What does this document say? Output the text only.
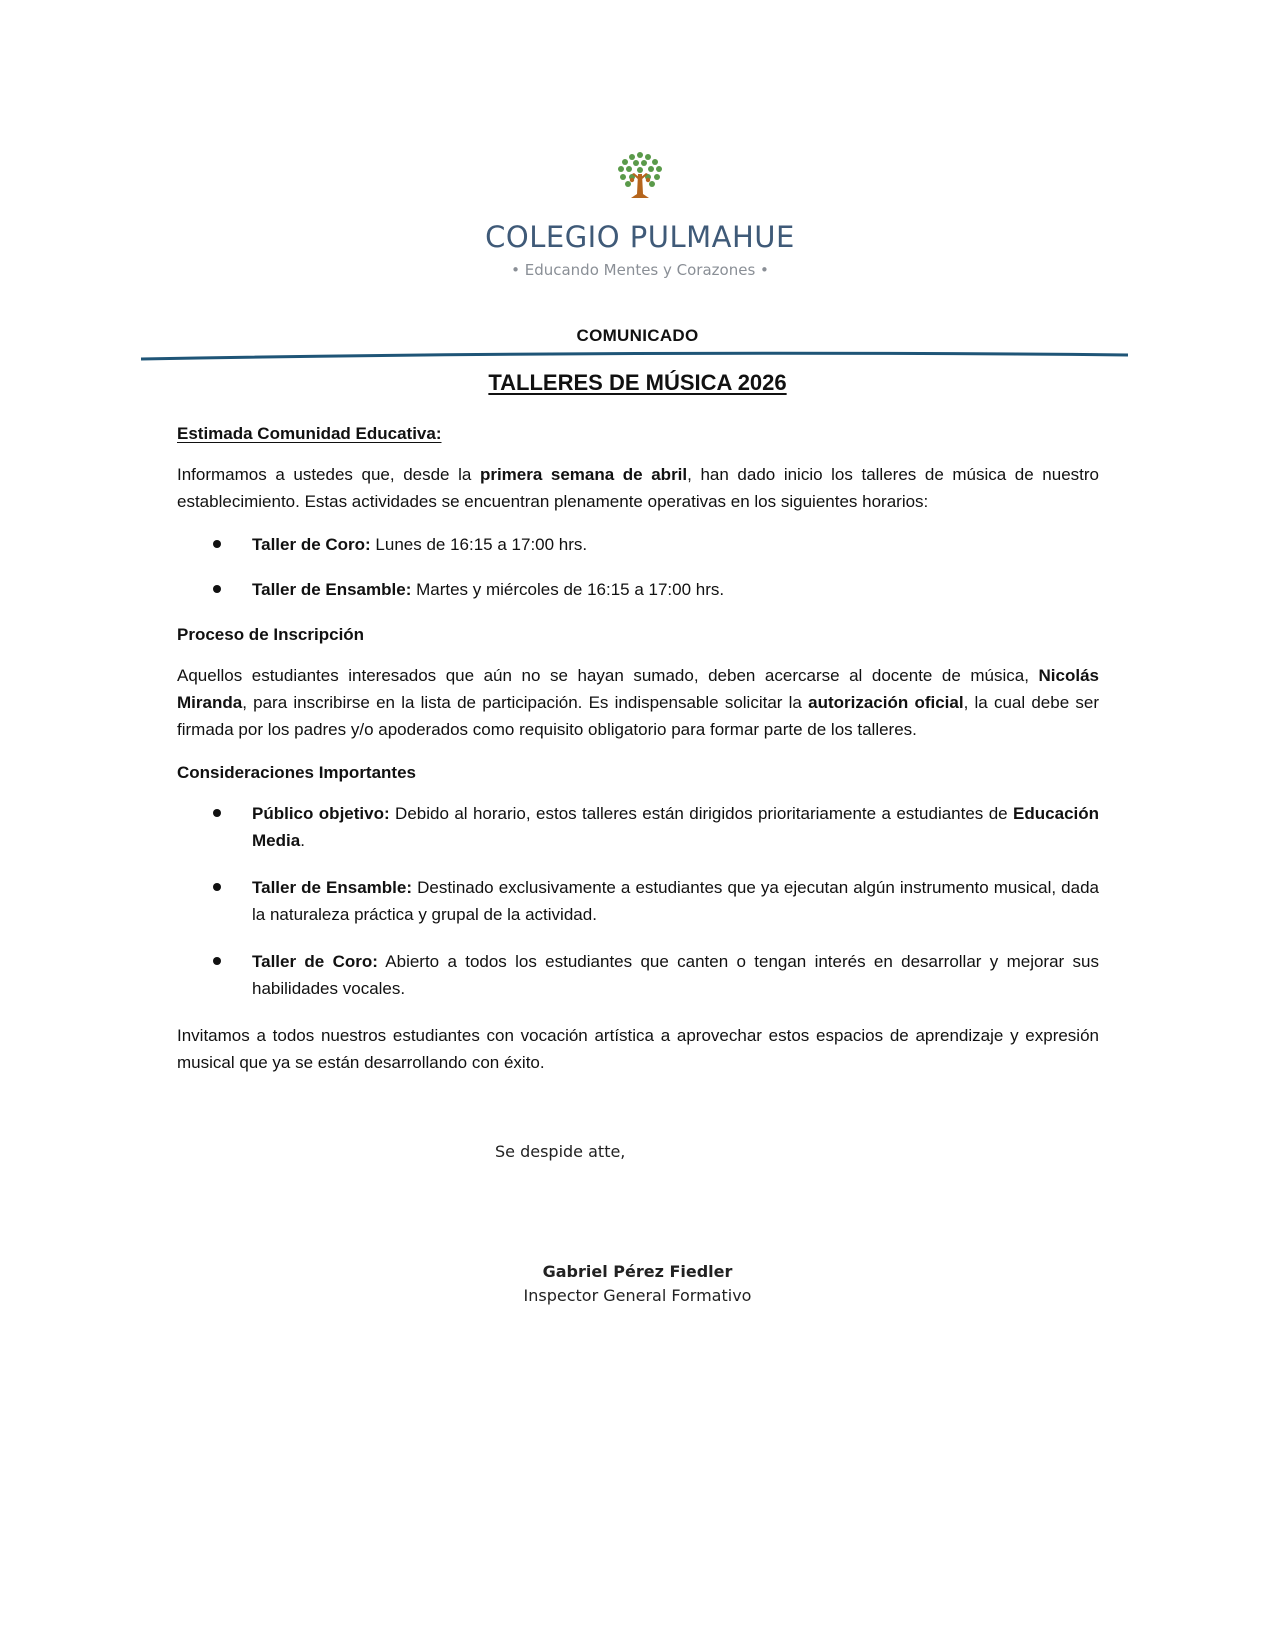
COLEGIO PULMAHUE
• Educando Mentes y Corazones •
COMUNICADO
TALLERES DE MÚSICA 2026

Estimada Comunidad Educativa:

Informamos a ustedes que, desde la primera semana de abril, han dado inicio los talleres de música de nuestro establecimiento. Estas actividades se encuentran plenamente operativas en los siguientes horarios:

Taller de Coro: Lunes de 16:15 a 17:00 hrs.
Taller de Ensamble: Martes y miércoles de 16:15 a 17:00 hrs.

Proceso de Inscripción

Aquellos estudiantes interesados que aún no se hayan sumado, deben acercarse al docente de música, Nicolás Miranda, para inscribirse en la lista de participación. Es indispensable solicitar la autorización oficial, la cual debe ser firmada por los padres y/o apoderados como requisito obligatorio para formar parte de los talleres.

Consideraciones Importantes

Público objetivo: Debido al horario, estos talleres están dirigidos prioritariamente a estudiantes de Educación Media.
Taller de Ensamble: Destinado exclusivamente a estudiantes que ya ejecutan algún instrumento musical, dada la naturaleza práctica y grupal de la actividad.
Taller de Coro: Abierto a todos los estudiantes que canten o tengan interés en desarrollar y mejorar sus habilidades vocales.

Invitamos a todos nuestros estudiantes con vocación artística a aprovechar estos espacios de aprendizaje y expresión musical que ya se están desarrollando con éxito.

Se despide atte,
Gabriel Pérez Fiedler
Inspector General Formativo
